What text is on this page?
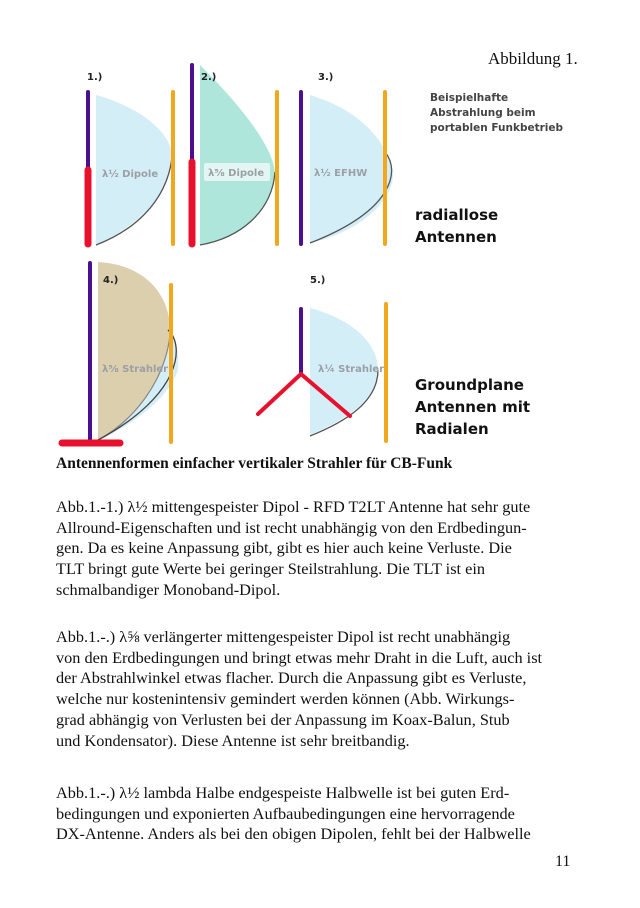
Abbildung 1.
1.)
λ½ Dipole
2.)
λ⅝ Dipole
3.)
λ½ EFHW
Beispielhafte
Abstrahlung beim
portablen Funkbetrieb
radiallose
Antennen
4.)
λ⅝ Strahler
5.)
λ¼ Strahler
Groundplane
Antennen mit
Radialen
Antennenformen einfacher vertikaler Strahler für CB-Funk
Abb.1.-1.) λ½ mittengespeister Dipol - RFD T2LT Antenne hat sehr gute
Allround-Eigenschaften und ist recht unabhängig von den Erdbedingun-
gen. Da es keine Anpassung gibt, gibt es hier auch keine Verluste. Die
TLT bringt gute Werte bei geringer Steilstrahlung. Die TLT ist ein
schmalbandiger Monoband-Dipol.
Abb.1.-.) λ⅝ verlängerter mittengespeister Dipol ist recht unabhängig
von den Erdbedingungen und bringt etwas mehr Draht in die Luft, auch ist
der Abstrahlwinkel etwas flacher. Durch die Anpassung gibt es Verluste,
welche nur kostenintensiv gemindert werden können (Abb. Wirkungs-
grad abhängig von Verlusten bei der Anpassung im Koax-Balun, Stub
und Kondensator). Diese Antenne ist sehr breitbandig.
Abb.1.-.) λ½ lambda Halbe endgespeiste Halbwelle ist bei guten Erd-
bedingungen und exponierten Aufbaubedingungen eine hervorragende
DX-Antenne. Anders als bei den obigen Dipolen, fehlt bei der Halbwelle
11
